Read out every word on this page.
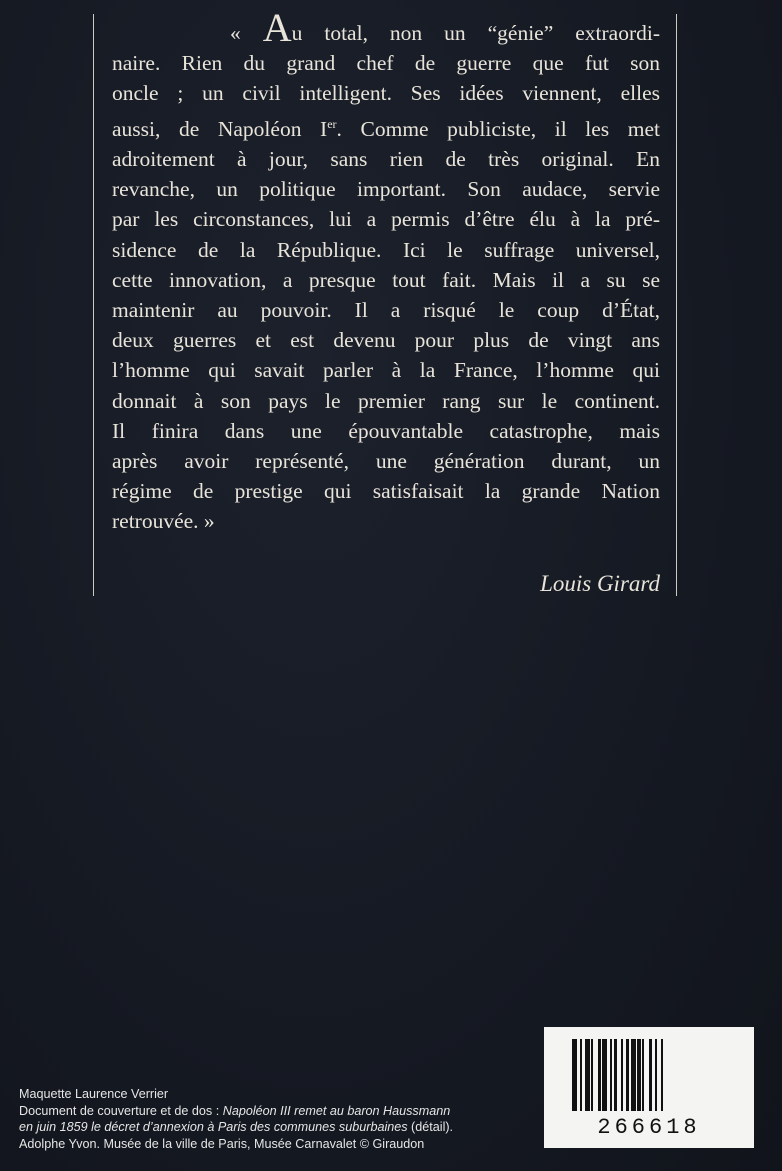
« Au total, non un “génie” extraordi-

naire. Rien du grand chef de guerre que fut son

oncle ; un civil intelligent. Ses idées viennent, elles

aussi, de Napoléon Ier. Comme publiciste, il les met

adroitement à jour, sans rien de très original. En

revanche, un politique important. Son audace, servie

par les circonstances, lui a permis d’être élu à la pré-

sidence de la République. Ici le suffrage universel,

cette innovation, a presque tout fait. Mais il a su se

maintenir au pouvoir. Il a risqué le coup d’État,

deux guerres et est devenu pour plus de vingt ans

l’homme qui savait parler à la France, l’homme qui

donnait à son pays le premier rang sur le continent.

Il finira dans une épouvantable catastrophe, mais

après avoir représenté, une génération durant, un

régime de prestige qui satisfaisait la grande Nation

retrouvée. »

Louis Girard
Maquette Laurence Verrier
Document de couverture et de dos : Napoléon III remet au baron Haussmann
en juin 1859 le décret d’annexion à Paris des communes suburbaines (détail).
Adolphe Yvon. Musée de la ville de Paris, Musée Carnavalet © Giraudon
266618
